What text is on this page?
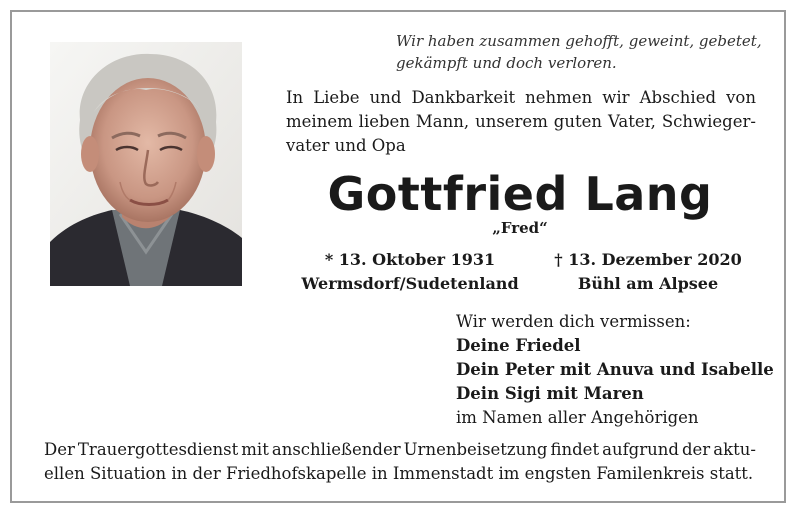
Wir haben zusammen gehofft, geweint, gebetet,
gekämpft und doch verloren.
In Liebe und Dankbarkeit nehmen wir Abschied von
meinem lieben Mann, unserem guten Vater, Schwieger-
vater und Opa
Gottfried Lang
„Fred“
* 13. Oktober 1931
Wermsdorf/Sudetenland
† 13. Dezember 2020
Bühl am Alpsee
Wir werden dich vermissen:
Deine Friedel
Dein Peter mit Anuva und Isabelle
Dein Sigi mit Maren
im Namen aller Angehörigen
Der Trauergottesdienst mit anschließender Urnenbeisetzung findet aufgrund der aktu-
ellen Situation in der Friedhofskapelle in Immenstadt im engsten Familenkreis statt.
